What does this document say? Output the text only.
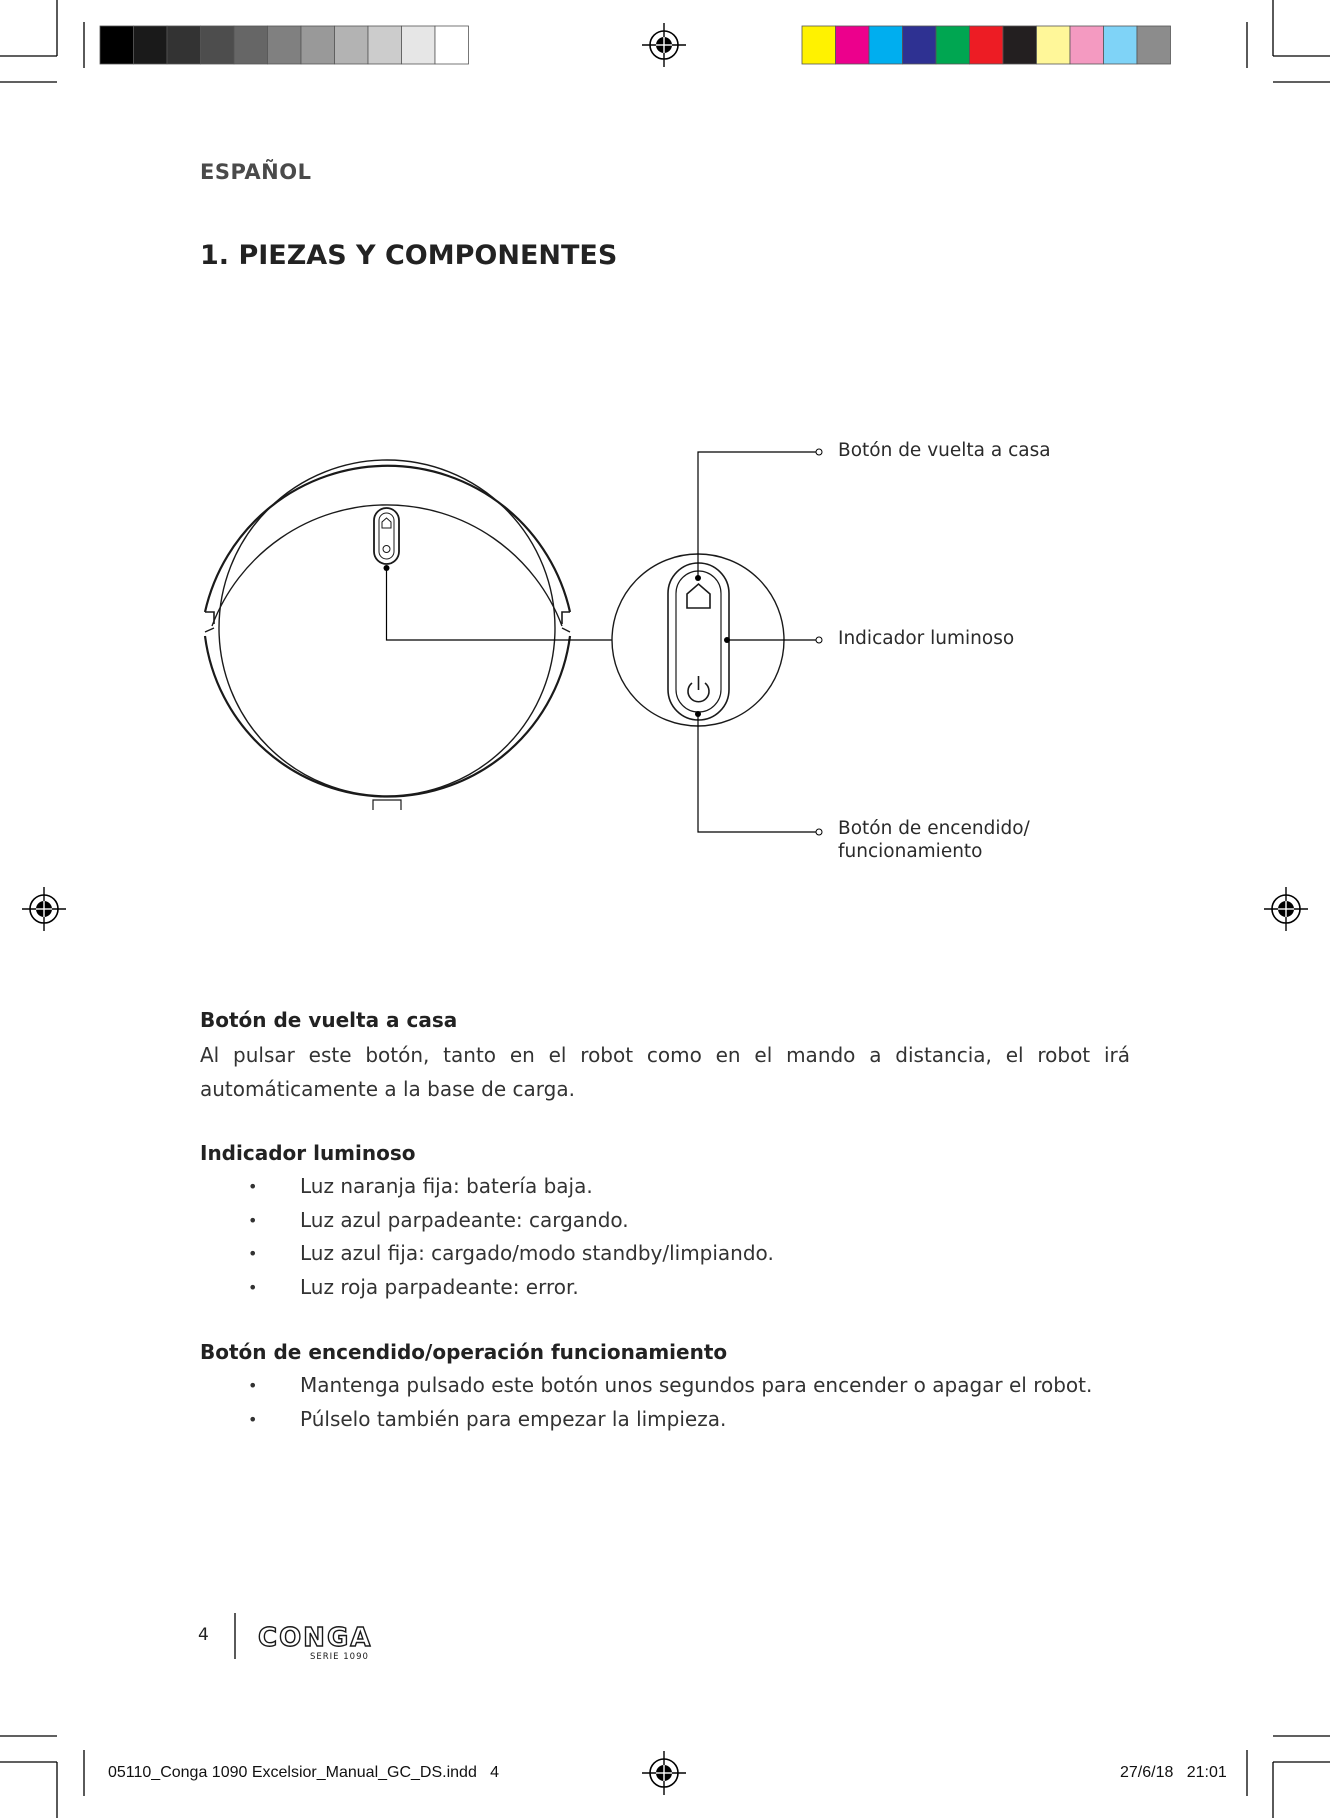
CONGA
SERIE 1090
ESPAÑOL
1. PIEZAS Y COMPONENTES
Botón de vuelta a casa
Indicador luminoso
Botón de encendido/
funcionamiento
Botón de vuelta a casa
Al pulsar este botón, tanto en el robot como en el mando a distancia, el robot irá automáticamente a la base de carga.
Indicador luminoso
• Luz naranja fija: batería baja.
• Luz azul parpadeante: cargando.
• Luz azul fija: cargado/modo standby/limpiando.
• Luz roja parpadeante: error.
Botón de encendido/operación funcionamiento
• Mantenga pulsado este botón unos segundos para encender o apagar el robot.
• Púlselo también para empezar la limpieza.
4
05110_Conga 1090 Excelsior_Manual_GC_DS.indd   4	27/6/18   21:01
